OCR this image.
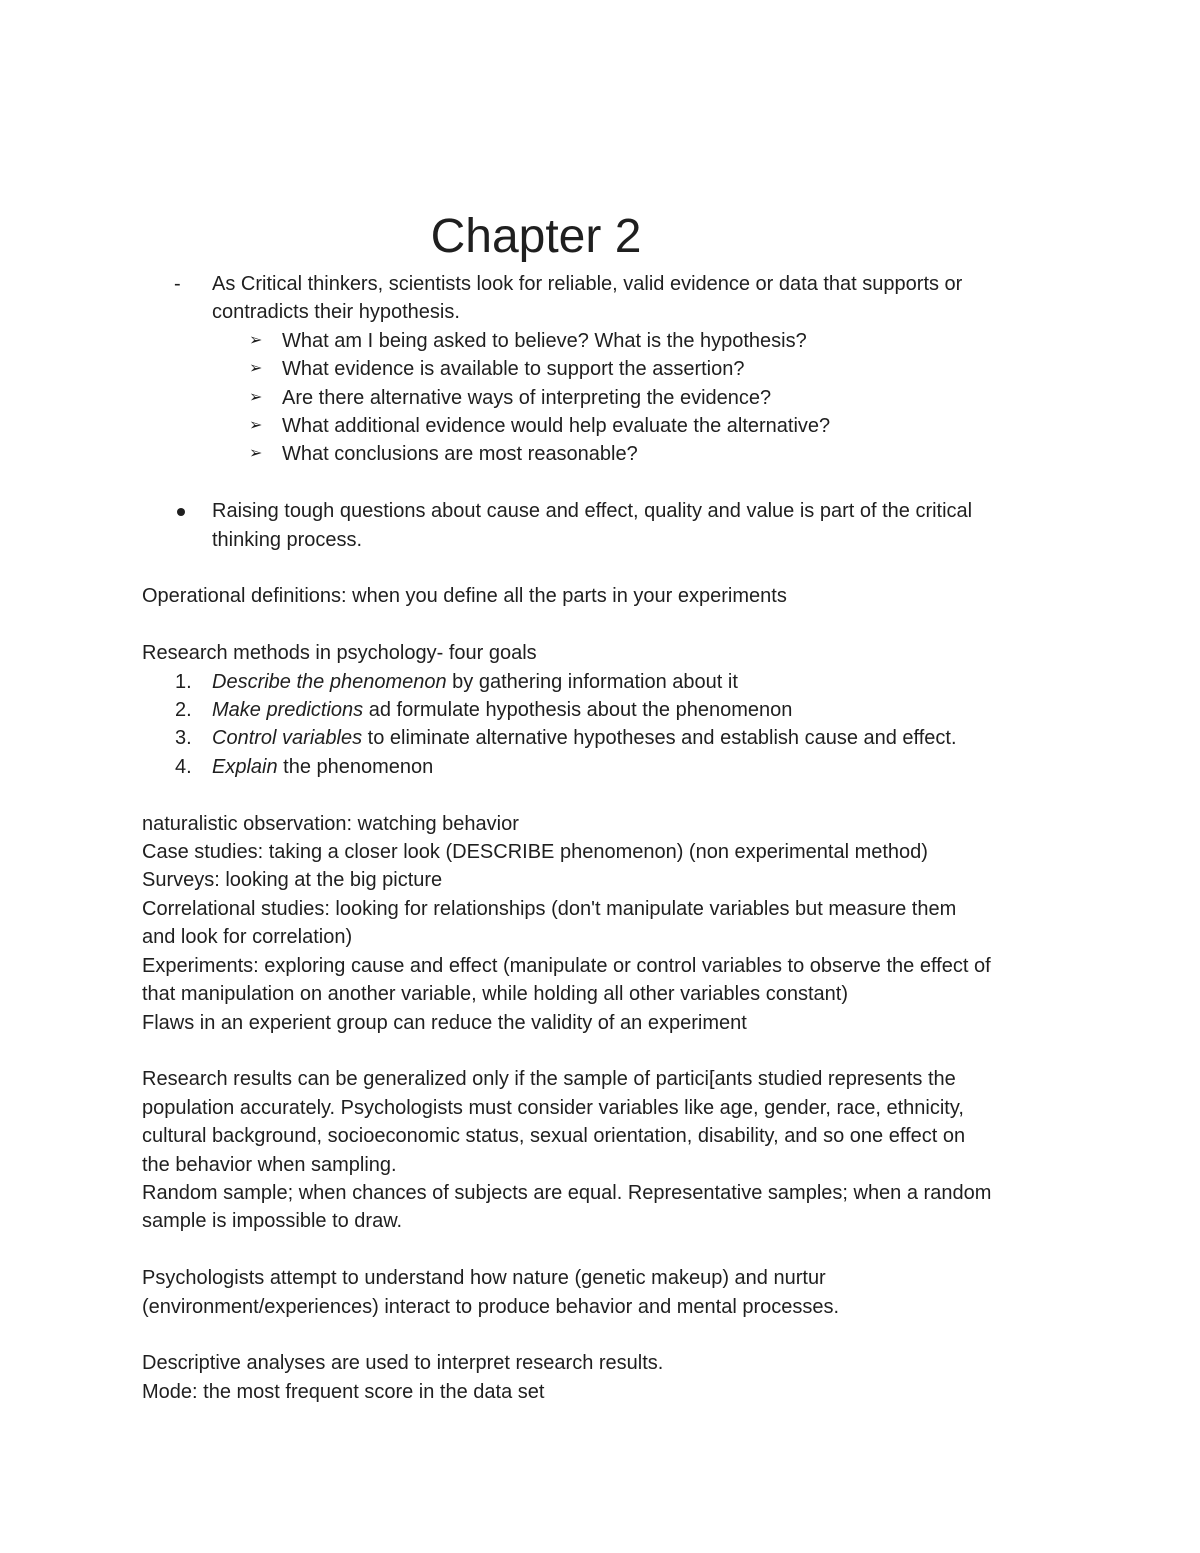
Chapter 2
- As Critical thinkers, scientists look for reliable, valid evidence or data that supports or
contradicts their hypothesis.
➢ What am I being asked to believe? What is the hypothesis?
➢ What evidence is available to support the assertion?
➢ Are there alternative ways of interpreting the evidence?
➢ What additional evidence would help evaluate the alternative?
➢ What conclusions are most reasonable?
Raising tough questions about cause and effect, quality and value is part of the critical
thinking process.
Operational definitions: when you define all the parts in your experiments
Research methods in psychology- four goals
1. Describe the phenomenon by gathering information about it
2. Make predictions ad formulate hypothesis about the phenomenon
3. Control variables to eliminate alternative hypotheses and establish cause and effect.
4. Explain the phenomenon
naturalistic observation: watching behavior
Case studies: taking a closer look (DESCRIBE phenomenon) (non experimental method)
Surveys: looking at the big picture
Correlational studies: looking for relationships (don't manipulate variables but measure them
and look for correlation)
Experiments: exploring cause and effect (manipulate or control variables to observe the effect of
that manipulation on another variable, while holding all other variables constant)
Flaws in an experient group can reduce the validity of an experiment
Research results can be generalized only if the sample of partici[ants studied represents the
population accurately. Psychologists must consider variables like age, gender, race, ethnicity,
cultural background, socioeconomic status, sexual orientation, disability, and so one effect on
the behavior when sampling.
Random sample; when chances of subjects are equal. Representative samples; when a random
sample is impossible to draw.
Psychologists attempt to understand how nature (genetic makeup) and nurtur
(environment/experiences) interact to produce behavior and mental processes.
Descriptive analyses are used to interpret research results.
Mode: the most frequent score in the data set
